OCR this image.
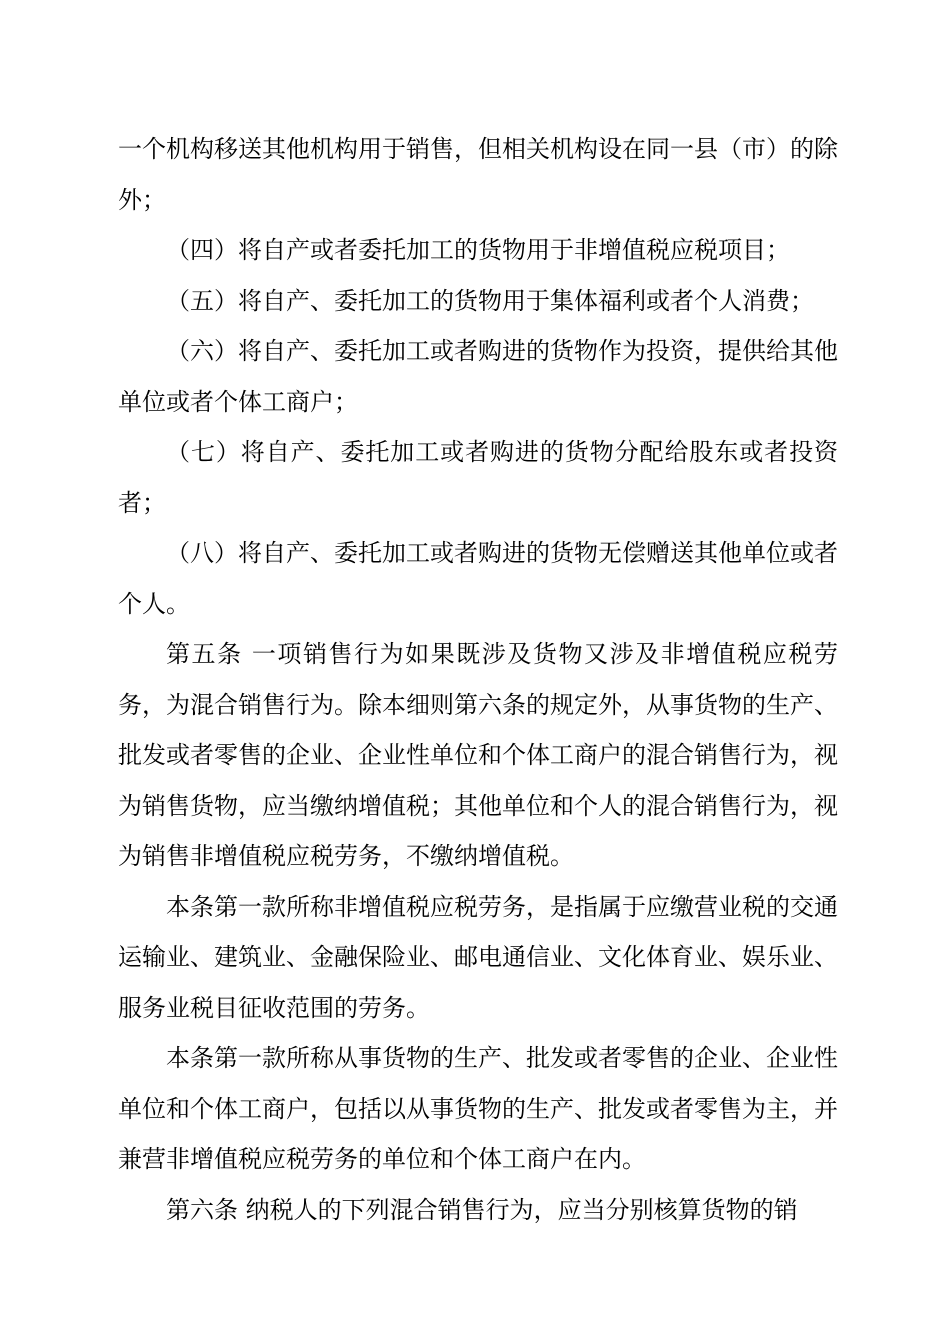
一个机构移送其他机构用于销售，但相关机构设在同一县（市）的除外；

（四）将自产或者委托加工的货物用于非增值税应税项目；

（五）将自产、委托加工的货物用于集体福利或者个人消费；

（六）将自产、委托加工或者购进的货物作为投资，提供给其他单位或者个体工商户；

（七）将自产、委托加工或者购进的货物分配给股东或者投资者；

（八）将自产、委托加工或者购进的货物无偿赠送其他单位或者个人。

第五条 一项销售行为如果既涉及货物又涉及非增值税应税劳务，为混合销售行为。除本细则第六条的规定外，从事货物的生产、批发或者零售的企业、企业性单位和个体工商户的混合销售行为，视为销售货物，应当缴纳增值税；其他单位和个人的混合销售行为，视为销售非增值税应税劳务，不缴纳增值税。

本条第一款所称非增值税应税劳务，是指属于应缴营业税的交通运输业、建筑业、金融保险业、邮电通信业、文化体育业、娱乐业、服务业税目征收范围的劳务。

本条第一款所称从事货物的生产、批发或者零售的企业、企业性单位和个体工商户，包括以从事货物的生产、批发或者零售为主，并兼营非增值税应税劳务的单位和个体工商户在内。

第六条 纳税人的下列混合销售行为，应当分别核算货物的销
